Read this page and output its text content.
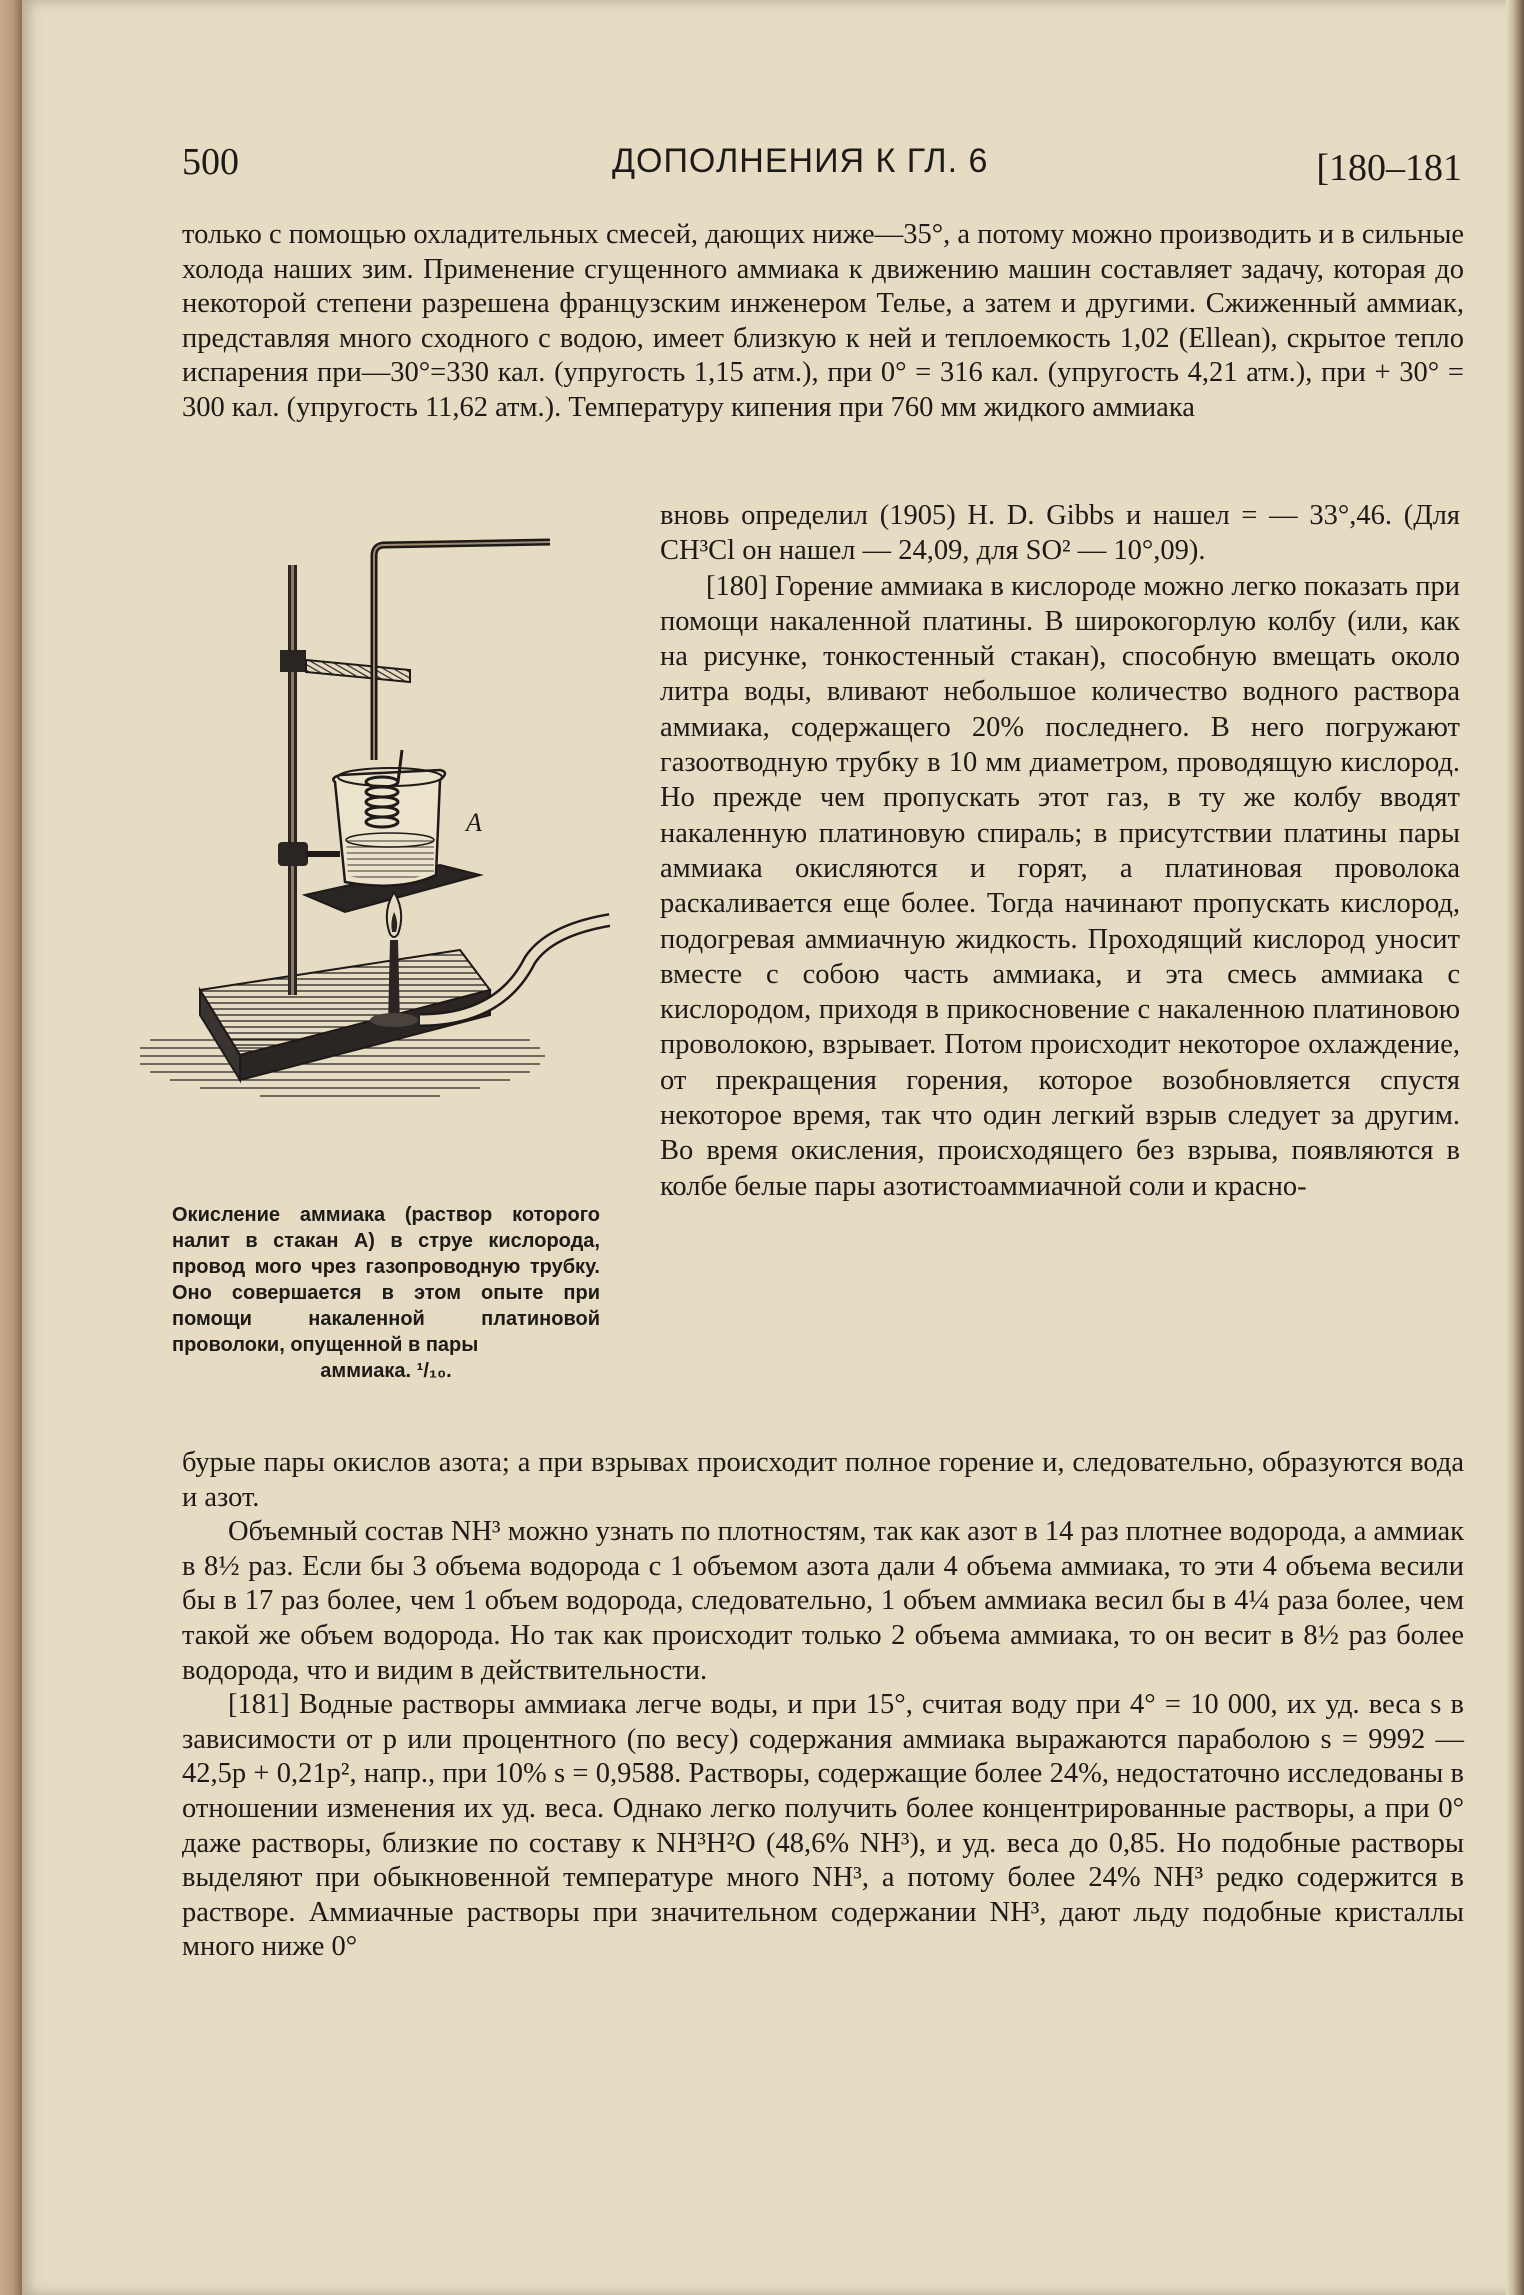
500	ДОПОЛНЕНИЯ К ГЛ. 6	[180–181

только с помощью охладительных смесей, дающих ниже—35°, а потому можно производить и в сильные холода наших зим. Применение сгущенного аммиака к движению машин составляет задачу, которая до некоторой степени разрешена французским инженером Телье, а затем и другими. Сжиженный аммиак, представляя много сходного с водою, имеет близкую к ней и теплоемкость 1,02 (Ellean), скрытое тепло испарения при—30°=330 кал. (упругость 1,15 атм.), при 0° = 316 кал. (упругость 4,21 атм.), при + 30° = 300 кал. (упругость 11,62 атм.). Температуру кипения при 760 мм жидкого аммиака

вновь определил (1905) H. D. Gibbs и нашел = — 33°,46. (Для CH³Cl он нашел — 24,09, для SO² — 10°,09).

[180] Горение аммиака в кислороде можно легко показать при помощи накаленной платины. В широкогорлую колбу (или, как на рисунке, тонкостенный стакан), способную вмещать около литра воды, вливают небольшое количество водного раствора аммиака, содержащего 20% последнего. В него погружают газоотводную трубку в 10 мм диаметром, проводящую кислород. Но прежде чем пропускать этот газ, в ту же колбу вводят накаленную платиновую спираль; в присутствии платины пары аммиака окисляются и горят, а платиновая проволока раскаливается еще более. Тогда начинают пропускать кислород, подогревая аммиачную жидкость. Проходящий кислород уносит вместе с собою часть аммиака, и эта смесь аммиака с кислородом, приходя в прикосновение с накаленною платиновою проволокою, взрывает. Потом происходит некоторое охлаждение, от прекращения горения, которое возобновляется спустя некоторое время, так что один легкий взрыв следует за другим. Во время окисления, происходящего без взрыва, появляются в колбе белые пары азотистоаммиачной соли и красно-

A
Окисление аммиака (раствор которого налит в стакан A) в струе кислорода, провод мого чрез газопроводную трубку. Оно совершается в этом опыте при помощи накаленной платиновой проволоки, опущенной в пары
аммиака. ¹/₁₀.

бурые пары окислов азота; а при взрывах происходит полное горение и, следовательно, образуются вода и азот.

Объемный состав NH³ можно узнать по плотностям, так как азот в 14 раз плотнее водорода, а аммиак в 8½ раз. Если бы 3 объема водорода с 1 объемом азота дали 4 объема аммиака, то эти 4 объема весили бы в 17 раз более, чем 1 объем водорода, следовательно, 1 объем аммиака весил бы в 4¼ раза более, чем такой же объем водорода. Но так как происходит только 2 объема аммиака, то он весит в 8½ раз более водорода, что и видим в действительности.

[181] Водные растворы аммиака легче воды, и при 15°, считая воду при 4° = 10 000, их уд. веса s в зависимости от p или процентного (по весу) содержания аммиака выражаются параболою s = 9992 — 42,5p + 0,21p², напр., при 10% s = 0,9588. Растворы, содержащие более 24%, недостаточно исследованы в отношении изменения их уд. веса. Однако легко получить более концентрированные растворы, а при 0° даже растворы, близкие по составу к NH³H²O (48,6% NH³), и уд. веса до 0,85. Но подобные растворы выделяют при обыкновенной температуре много NH³, а потому более 24% NH³ редко содержится в растворе. Аммиачные растворы при значительном содержании NH³, дают льду подобные кристаллы много ниже 0°
